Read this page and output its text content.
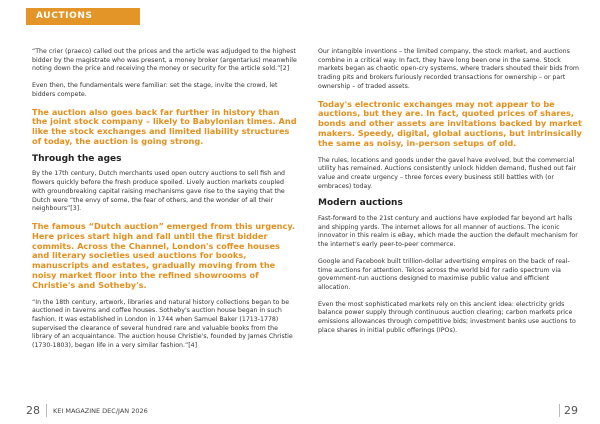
AUCTIONS

“The crier (praeco) called out the prices and the article was adjudged to the highest bidder by the magistrate who was present, a money broker (argentarius) meanwhile noting down the price and receiving the money or security for the article sold.”[2]

Even then, the fundamentals were familiar: set the stage, invite the crowd, let bidders compete.

The auction also goes back far further in history than the joint stock company – likely to Babylonian times. And like the stock exchanges and limited liability structures of today, the auction is going strong.

Through the ages

By the 17th century, Dutch merchants used open outcry auctions to sell fish and flowers quickly before the fresh produce spoiled. Lively auction markets coupled with groundbreaking capital raising mechanisms gave rise to the saying that the Dutch were “the envy of some, the fear of others, and the wonder of all their neighbours”[3].

The famous “Dutch auction” emerged from this urgency. Here prices start high and fall until the first bidder commits. Across the Channel, London's coffee houses and literary societies used auctions for books, manuscripts and estates, gradually moving from the noisy market floor into the refined showrooms of Christie's and Sotheby's.

“In the 18th century, artwork, libraries and natural history collections began to be auctioned in taverns and coffee houses. Sotheby's auction house began in such fashion. It was established in London in 1744 when Samuel Baker (1713-1778) supervised the clearance of several hundred rare and valuable books from the library of an acquaintance. The auction house Christie's, founded by James Christie (1730-1803), began life in a very similar fashion.”[4]

Our intangible inventions – the limited company, the stock market, and auctions combine in a critical way. In fact, they have long been one in the same. Stock markets began as chaotic open-cry systems, where traders shouted their bids from trading pits and brokers furiously recorded transactions for ownership – or part ownership – of traded assets.

Today's electronic exchanges may not appear to be auctions, but they are. In fact, quoted prices of shares, bonds and other assets are invitations backed by market makers. Speedy, digital, global auctions, but intrinsically the same as noisy, in-person setups of old.

The rules, locations and goods under the gavel have evolved, but the commercial utility has remained. Auctions consistently unlock hidden demand, flushed out fair value and create urgency – three forces every business still battles with (or embraces) today.

Modern auctions

Fast-forward to the 21st century and auctions have exploded far beyond art halls and shipping yards. The internet allows for all manner of auctions. The iconic innovator in this realm is eBay, which made the auction the default mechanism for the internet's early peer-to-peer commerce.

Google and Facebook built trillion-dollar advertising empires on the back of real-time auctions for attention. Telcos across the world bid for radio spectrum via government-run auctions designed to maximise public value and efficient allocation.

Even the most sophisticated markets rely on this ancient idea: electricity grids balance power supply through continuous auction clearing; carbon markets price emissions allowances through competitive bids; investment banks use auctions to place shares in initial public offerings (IPOs).

28 KEI MAGAZINE DEC/JAN 2026	29
